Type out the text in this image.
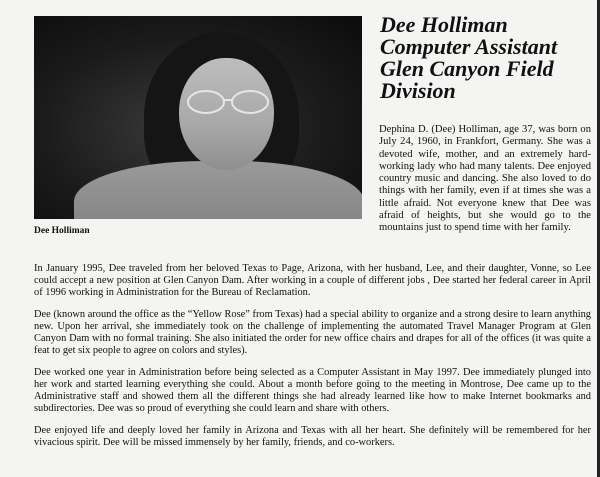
Dee Holliman
Dee Holliman
Computer Assistant
Glen Canyon Field
Division
Dephina D. (Dee) Holliman, age 37, was born on July 24, 1960, in Frankfort, Germany. She was a devoted wife, mother, and an extremely hard-working lady who had many talents. Dee enjoyed country music and dancing. She also loved to do things with her family, even if at times she was a little afraid. Not everyone knew that Dee was afraid of heights, but she would go to the mountains just to spend time with her family.

In January 1995, Dee traveled from her beloved Texas to Page, Arizona, with her husband, Lee, and their daughter, Vonne, so Lee could accept a new position at Glen Canyon Dam. After working in a couple of different jobs , Dee started her federal career in April of 1996 working in Administration for the Bureau of Reclamation.

Dee (known around the office as the “Yellow Rose” from Texas) had a special ability to organize and a strong desire to learn anything new. Upon her arrival, she immediately took on the challenge of implementing the automated Travel Manager Program at Glen Canyon Dam with no formal training. She also initiated the order for new office chairs and drapes for all of the offices (it was quite a feat to get six people to agree on colors and styles).

Dee worked one year in Administration before being selected as a Computer Assistant in May 1997. Dee immediately plunged into her work and started learning everything she could. About a month before going to the meeting in Montrose, Dee came up to the Administrative staff and showed them all the different things she had already learned like how to make Internet bookmarks and subdirectories. Dee was so proud of everything she could learn and share with others.

Dee enjoyed life and deeply loved her family in Arizona and Texas with all her heart. She definitely will be remembered for her vivacious spirit. Dee will be missed immensely by her family, friends, and co-workers.
